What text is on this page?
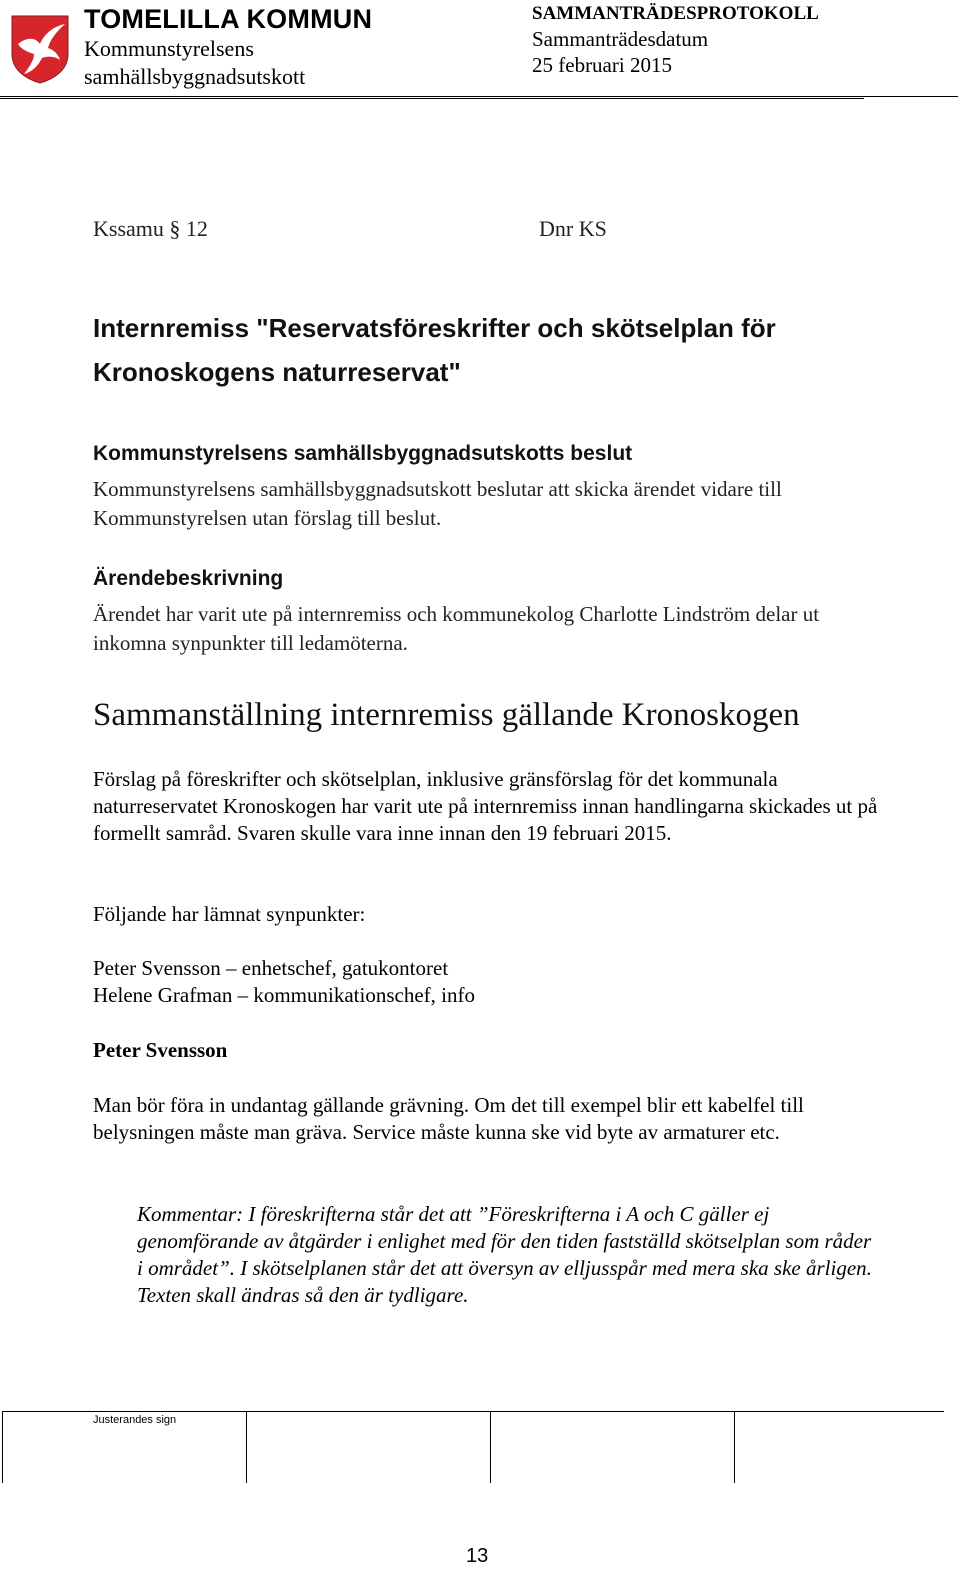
TOMELILLA KOMMUN
Kommunstyrelsens
samhällsbyggnadsutskott
SAMMANTRÄDESPROTOKOLL
Sammanträdesdatum
25 februari 2015
Kssamu § 12	Dnr KS
Internremiss "Reservatsföreskrifter och skötselplan för Kronoskogens naturreservat"
Kommunstyrelsens samhällsbyggnadsutskotts beslut
Kommunstyrelsens samhällsbyggnadsutskott beslutar att skicka ärendet vidare till Kommunstyrelsen utan förslag till beslut.
Ärendebeskrivning
Ärendet har varit ute på internremiss och kommunekolog Charlotte Lindström delar ut inkomna synpunkter till ledamöterna.
Sammanställning internremiss gällande Kronoskogen
Förslag på föreskrifter och skötselplan, inklusive gränsförslag för det kommunala naturreservatet Kronoskogen har varit ute på internremiss innan handlingarna skickades ut på formellt samråd. Svaren skulle vara inne innan den 19 februari 2015.
Följande har lämnat synpunkter:
Peter Svensson – enhetschef, gatukontoret
Helene Grafman – kommunikationschef, info
Peter Svensson
Man bör föra in undantag gällande grävning. Om det till exempel blir ett kabelfel till belysningen måste man gräva. Service måste kunna ske vid byte av armaturer etc.
Kommentar: I föreskrifterna står det att ”Föreskrifterna i A och C gäller ej genomförande av åtgärder i enlighet med för den tiden fastställd skötselplan som råder i området”. I skötselplanen står det att översyn av elljusspår med mera ska ske årligen. Texten skall ändras så den är tydligare.
Justerandes sign
13
